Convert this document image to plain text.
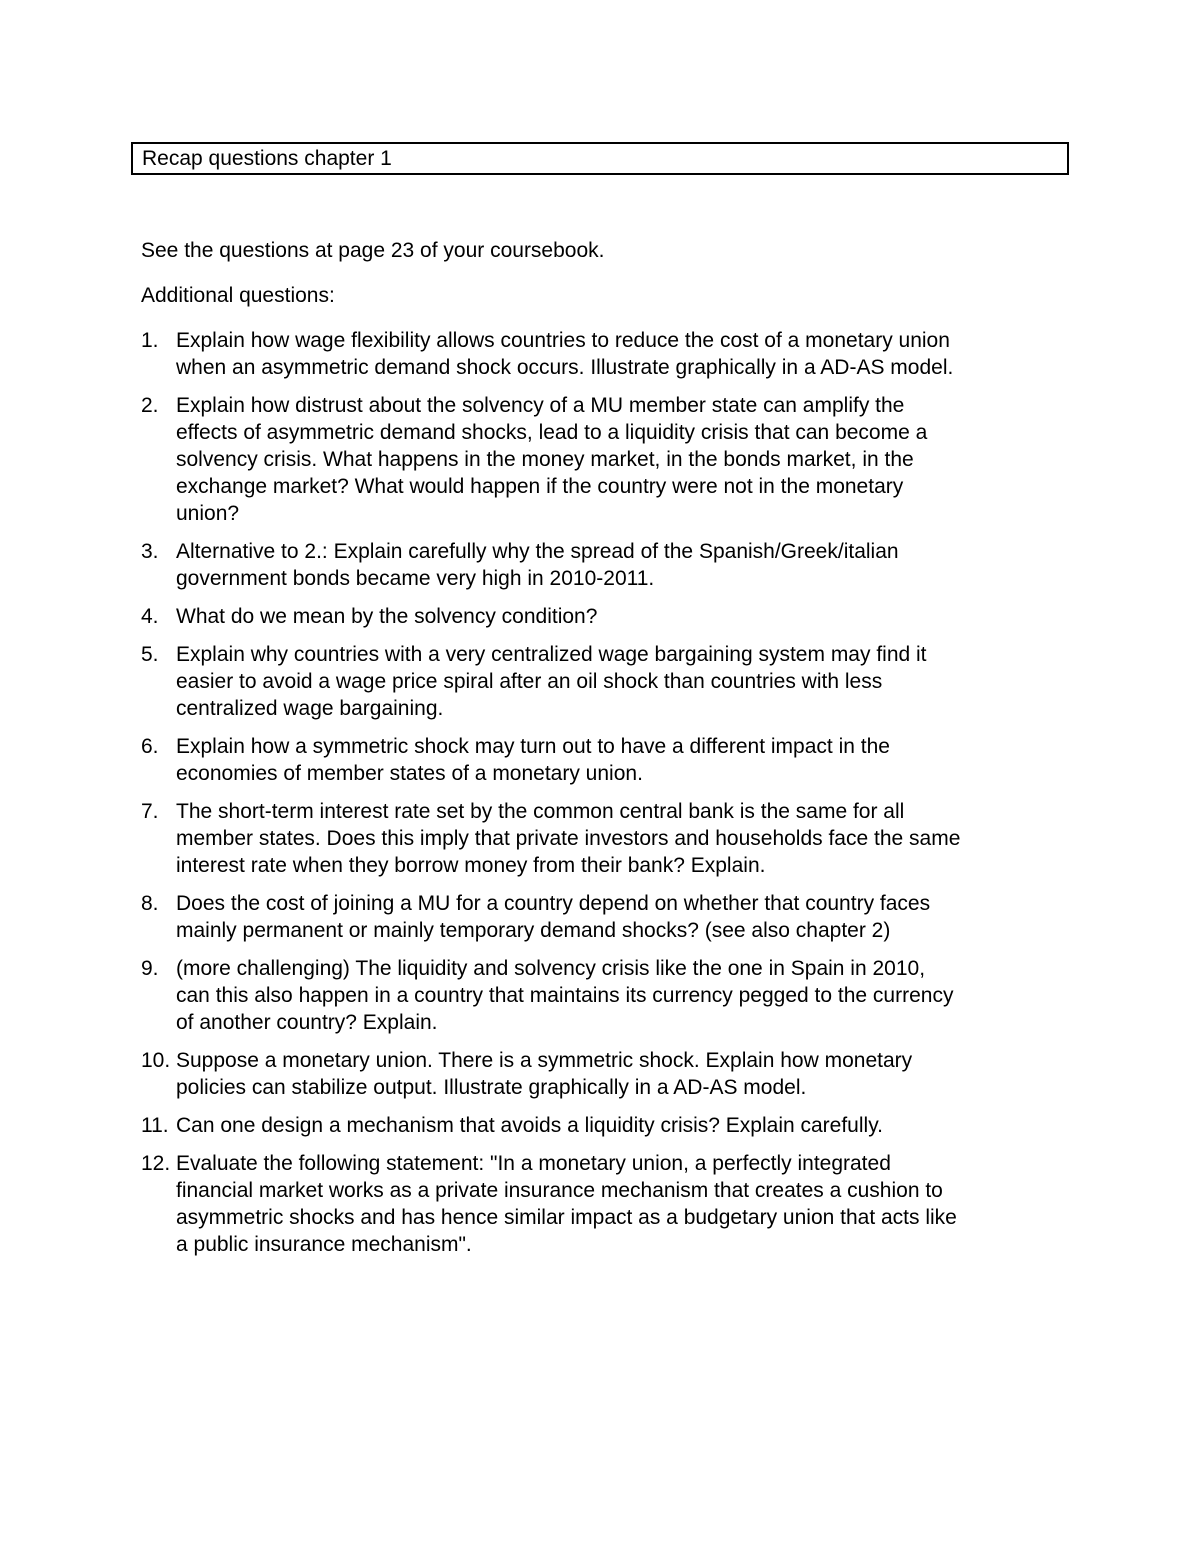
Recap questions chapter 1
See the questions at page 23 of your coursebook.
Additional questions:
1. Explain how wage flexibility allows countries to reduce the cost of a monetary union
when an asymmetric demand shock occurs. Illustrate graphically in a AD-AS model.
2. Explain how distrust about the solvency of a MU member state can amplify the
effects of asymmetric demand shocks, lead to a liquidity crisis that can become a
solvency crisis. What happens in the money market, in the bonds market, in the
exchange market? What would happen if the country were not in the monetary
union?
3. Alternative to 2.: Explain carefully why the spread of the Spanish/Greek/italian
government bonds became very high in 2010-2011.
4. What do we mean by the solvency condition?
5. Explain why countries with a very centralized wage bargaining system may find it
easier to avoid a wage price spiral after an oil shock than countries with less
centralized wage bargaining.
6. Explain how a symmetric shock may turn out to have a different impact in the
economies of member states of a monetary union.
7. The short-term interest rate set by the common central bank is the same for all
member states. Does this imply that private investors and households face the same
interest rate when they borrow money from their bank? Explain.
8. Does the cost of joining a MU for a country depend on whether that country faces
mainly permanent or mainly temporary demand shocks? (see also chapter 2)
9. (more challenging) The liquidity and solvency crisis like the one in Spain in 2010,
can this also happen in a country that maintains its currency pegged to the currency
of another country? Explain.
10. Suppose a monetary union. There is a symmetric shock. Explain how monetary
policies can stabilize output. Illustrate graphically in a AD-AS model.
11. Can one design a mechanism that avoids a liquidity crisis? Explain carefully.
12. Evaluate the following statement: "In a monetary union, a perfectly integrated
financial market works as a private insurance mechanism that creates a cushion to
asymmetric shocks and has hence similar impact as a budgetary union that acts like
a public insurance mechanism".
